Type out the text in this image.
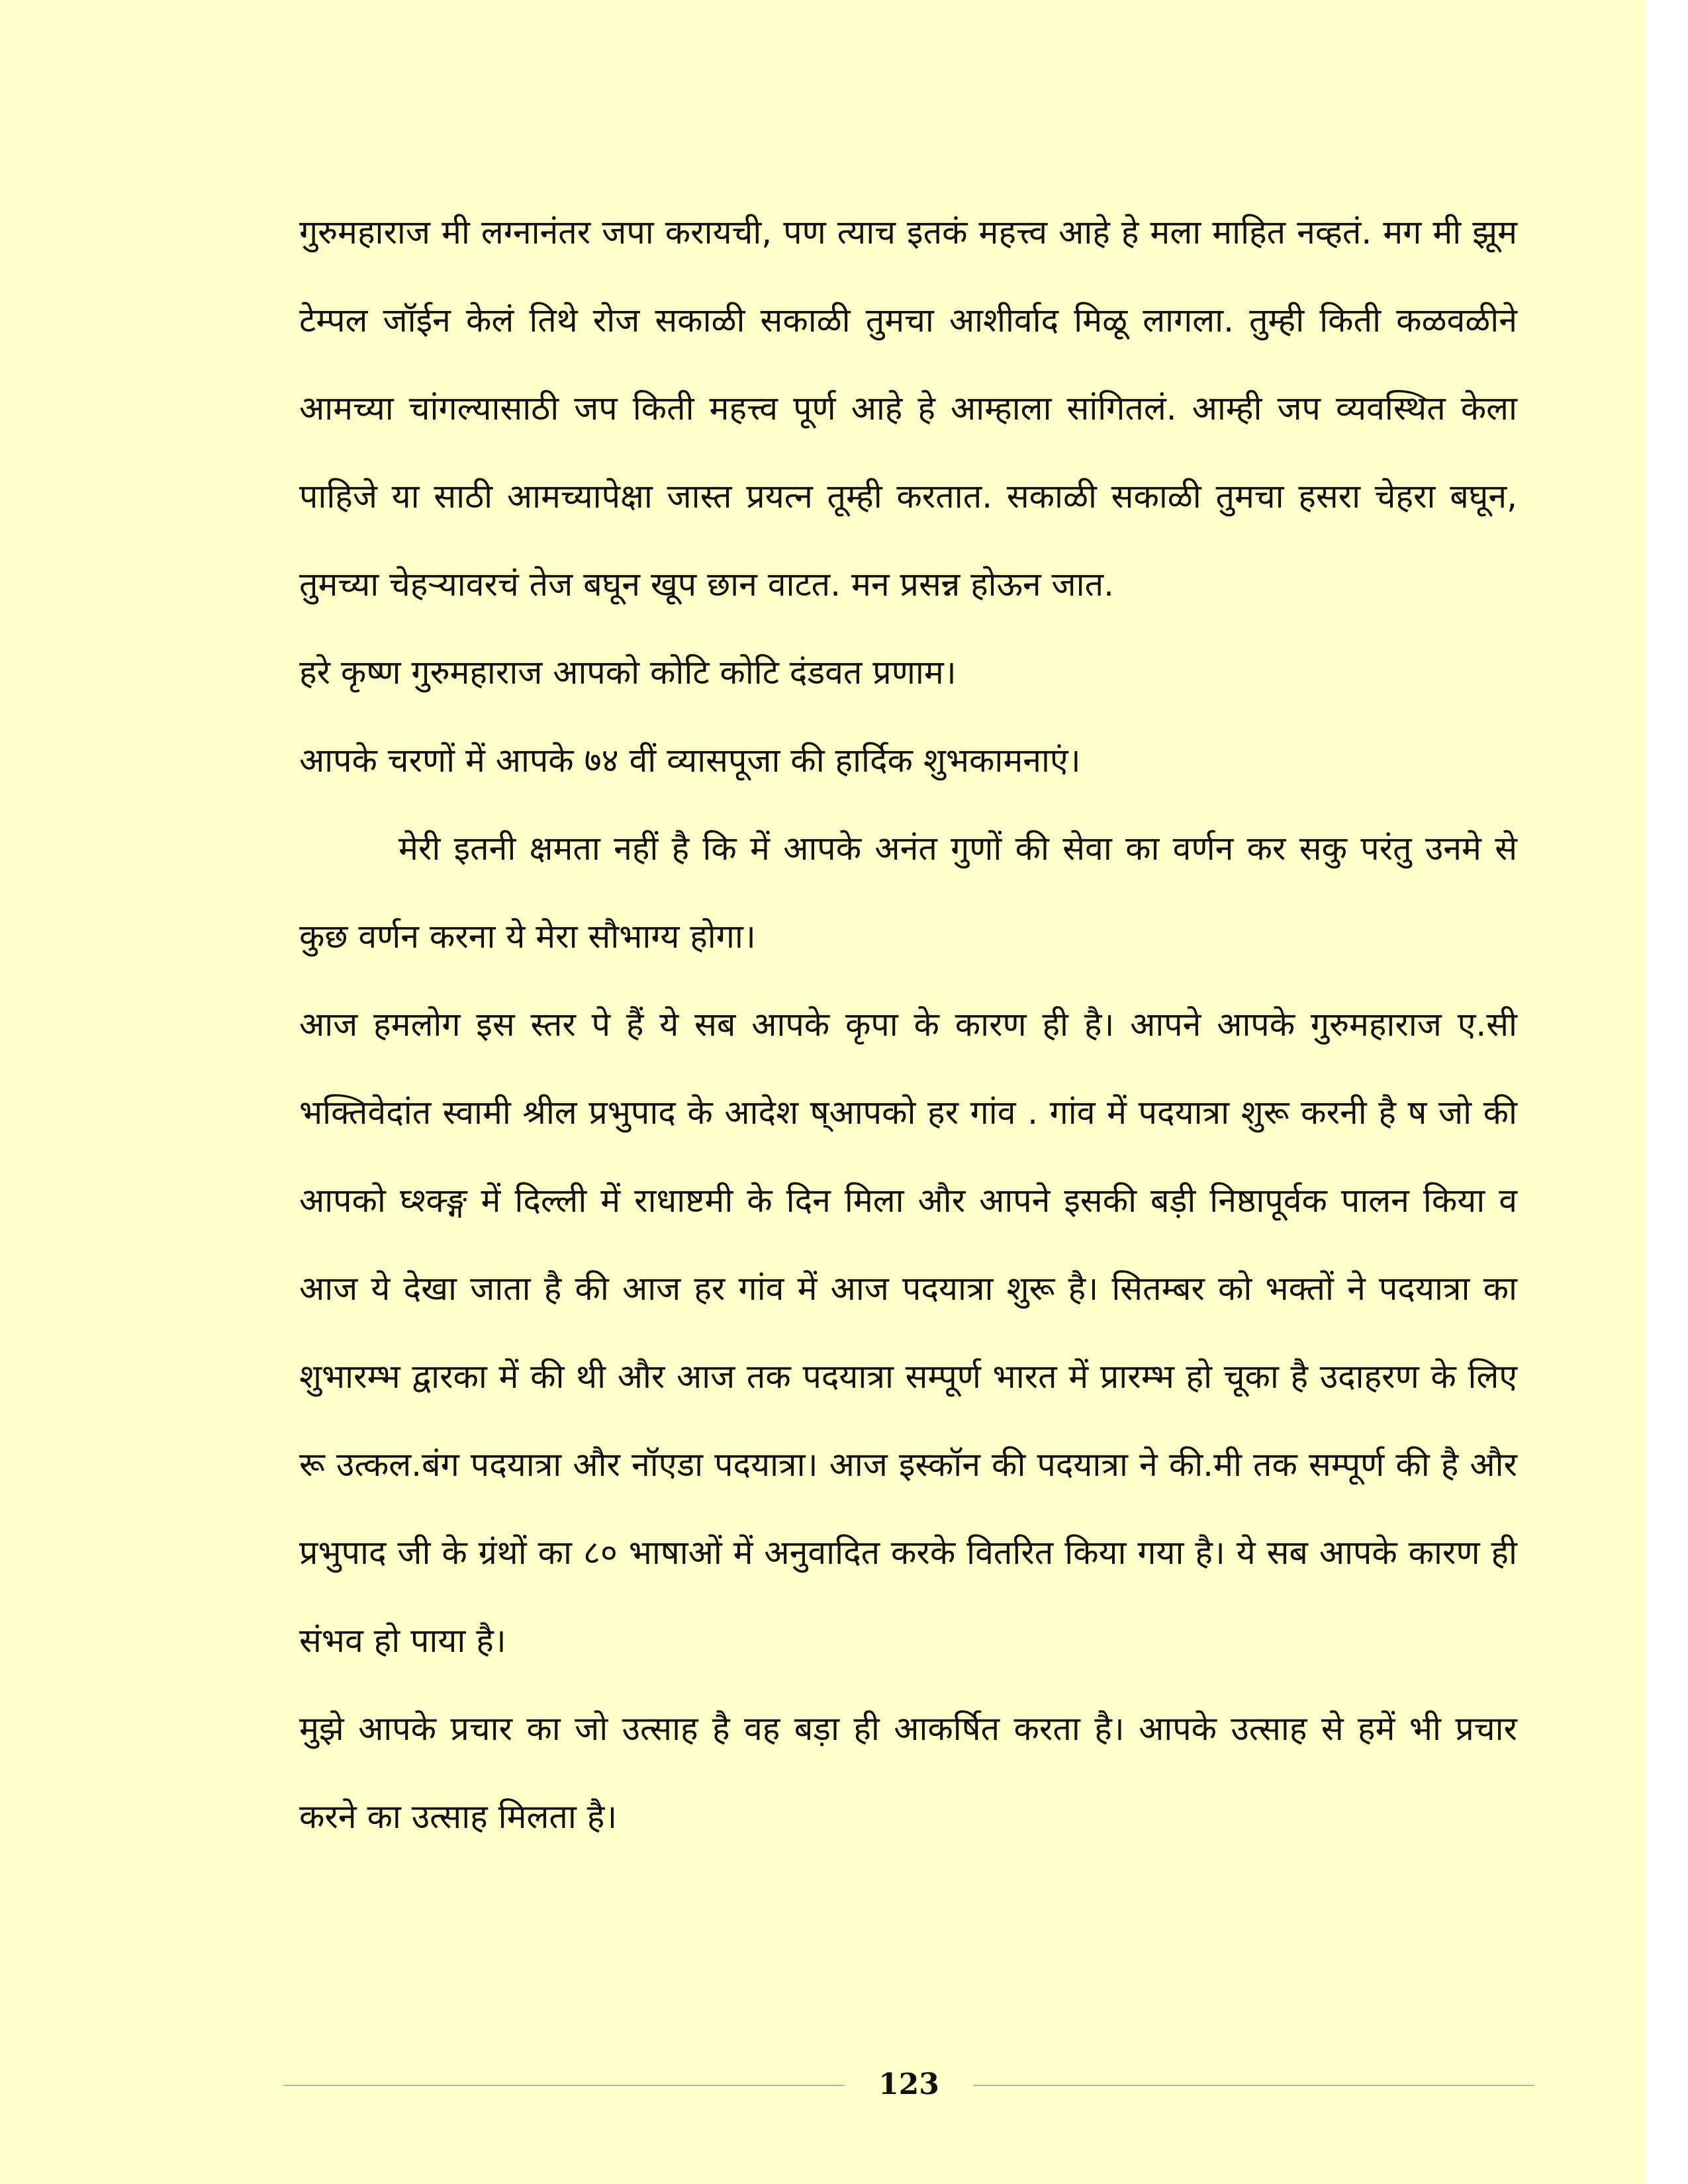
गुरुमहाराज मी लग्नानंतर जपा करायची, पण त्याच इतकं महत्त्व आहे हे मला माहित नव्हतं. मग मी झूम टेम्पल जॉईन केलं तिथे रोज सकाळी सकाळी तुमचा आशीर्वाद मिळू लागला. तुम्ही किती कळवळीने आमच्या चांगल्यासाठी जप किती महत्त्व पूर्ण आहे हे आम्हाला सांगितलं. आम्ही जप व्यवस्थित केला पाहिजे या साठी आमच्यापेक्षा जास्त प्रयत्न तूम्ही करतात. सकाळी सकाळी तुमचा हसरा चेहरा बघून, तुमच्या चेहऱ्यावरचं तेज बघून खूप छान वाटत. मन प्रसन्न होऊन जात.

हरे कृष्ण गुरुमहाराज आपको कोटि कोटि दंडवत प्रणाम।

आपके चरणों में आपके ७४ वीं व्यासपूजा की हार्दिक शुभकामनाएं।

मेरी इतनी क्षमता नहीं है कि में आपके अनंत गुणों की सेवा का वर्णन कर सकु परंतु उनमे से कुछ वर्णन करना ये मेरा सौभाग्य होगा।

आज हमलोग इस स्तर पे हैं ये सब आपके कृपा के कारण ही है। आपने आपके गुरुमहाराज ए.सी भक्तिवेदांत स्वामी श्रील प्रभुपाद के आदेश ष्आपको हर गांव . गांव में पदयात्रा शुरू करनी है ष जो की आपको घ्श्क्ङ्ग में दिल्ली में राधाष्टमी के दिन मिला और आपने इसकी बड़ी निष्ठापूर्वक पालन किया व आज ये देखा जाता है की आज हर गांव में आज पदयात्रा शुरू है। सितम्बर को भक्तों ने पदयात्रा का शुभारम्भ द्वारका में की थी और आज तक पदयात्रा सम्पूर्ण भारत में प्रारम्भ हो चूका है उदाहरण के लिए रू उत्कल.बंग पदयात्रा और नॉएडा पदयात्रा। आज इस्कॉन की पदयात्रा ने की.मी तक सम्पूर्ण की है और प्रभुपाद जी के ग्रंथों का ८० भाषाओं में अनुवादित करके वितरित किया गया है। ये सब आपके कारण ही संभव हो पाया है।

मुझे आपके प्रचार का जो उत्साह है वह बड़ा ही आकर्षित करता है। आपके उत्साह से हमें भी प्रचार करने का उत्साह मिलता है।

123
